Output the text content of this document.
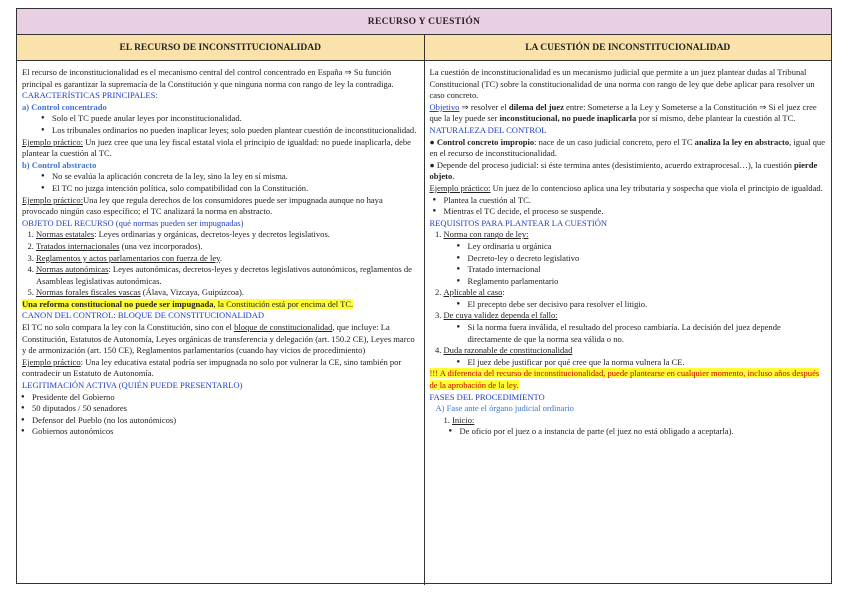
RECURSO Y CUESTIÓN
EL RECURSO DE INCONSTITUCIONALIDAD	LA CUESTIÓN DE INCONSTITUCIONALIDAD

El recurso de inconstitucionalidad es el mecanismo central del control concentrado en España ⇒ Su función principal es garantizar la supremacía de la Constitución y que ninguna norma con rango de ley la contradiga.

CARACTERÍSTICAS PRINCIPALES:
a) Control concentrado
● Solo el TC puede anular leyes por inconstitucionalidad.
● Los tribunales ordinarios no pueden inaplicar leyes; solo pueden plantear cuestión de inconstitucionalidad.

Ejemplo práctico: Un juez cree que una ley fiscal estatal viola el principio de igualdad: no puede inaplicarla, debe plantear la cuestión al TC.

b) Control abstracto
● No se evalúa la aplicación concreta de la ley, sino la ley en sí misma.
● El TC no juzga intención política, solo compatibilidad con la Constitución.

Ejemplo práctico:Una ley que regula derechos de los consumidores puede ser impugnada aunque no haya provocado ningún caso específico; el TC analizará la norma en abstracto.

OBJETO DEL RECURSO (qué normas pueden ser impugnadas)
1. Normas estatales: Leyes ordinarias y orgánicas, decretos-leyes y decretos legislativos.
2. Tratados internacionales (una vez incorporados).
3. Reglamentos y actos parlamentarios con fuerza de ley.
4. Normas autonómicas: Leyes autonómicas, decretos-leyes y decretos legislativos autonómicos, reglamentos de Asambleas legislativas autonómicas.
5. Normas forales fiscales vascas (Álava, Vizcaya, Guipúzcoa).
Una reforma constitucional no puede ser impugnada, la Constitución está por encima del TC.
CANON DEL CONTROL: BLOQUE DE CONSTITUCIONALIDAD

El TC no solo compara la ley con la Constitución, sino con el bloque de constitucionalidad, que incluye: La Constitución, Estatutos de Autonomía, Leyes orgánicas de transferencia y delegación (art. 150.2 CE), Leyes marco y de armonización (art. 150 CE), Reglamentos parlamentarios (cuando hay vicios de procedimiento)

Ejemplo práctico: Una ley educativa estatal podría ser impugnada no solo por vulnerar la CE, sino también por contradecir un Estatuto de Autonomía.

LEGITIMACIÓN ACTIVA (QUIÉN PUEDE PRESENTARLO)
● Presidente del Gobierno
● 50 diputados / 50 senadores
● Defensor del Pueblo (no los autonómicos)
● Gobiernos autonómicos

La cuestión de inconstitucionalidad es un mecanismo judicial que permite a un juez plantear dudas al Tribunal Constitucional (TC) sobre la constitucionalidad de una norma con rango de ley que debe aplicar para resolver un caso concreto.

Objetivo ⇒ resolver el dilema del juez entre: Someterse a la Ley y Someterse a la Constitución ⇒ Si el juez cree que la ley puede ser inconstitucional, no puede inaplicarla por sí mismo, debe plantear la cuestión al TC.

NATURALEZA DEL CONTROL

● Control concreto impropio: nace de un caso judicial concreto, pero el TC analiza la ley en abstracto, igual que en el recurso de inconstitucionalidad.

● Depende del proceso judicial: si éste termina antes (desistimiento, acuerdo extraprocesal…), la cuestión pierde objeto.

Ejemplo práctico: Un juez de lo contencioso aplica una ley tributaria y sospecha que viola el principio de igualdad.

● Plantea la cuestión al TC.
● Mientras el TC decide, el proceso se suspende.
REQUISITOS PARA PLANTEAR LA CUESTIÓN
1. Norma con rango de ley:
● Ley ordinaria u orgánica
● Decreto-ley o decreto legislativo
● Tratado internacional
● Reglamento parlamentario
2. Aplicable al caso:
● El precepto debe ser decisivo para resolver el litigio.
3. De cuya validez dependa el fallo:
● Si la norma fuera inválida, el resultado del proceso cambiaría. La decisión del juez depende directamente de que la norma sea válida o no.
4. Duda razonable de constitucionalidad
● El juez debe justificar por qué cree que la norma vulnera la CE.
!!! A diferencia del recurso de inconstitucionalidad, puede plantearse en cualquier momento, incluso años después de la aprobación de la ley.
FASES DEL PROCEDIMIENTO
A) Fase ante el órgano judicial ordinario
1. Inicio:
● De oficio por el juez o a instancia de parte (el juez no está obligado a aceptarla).
